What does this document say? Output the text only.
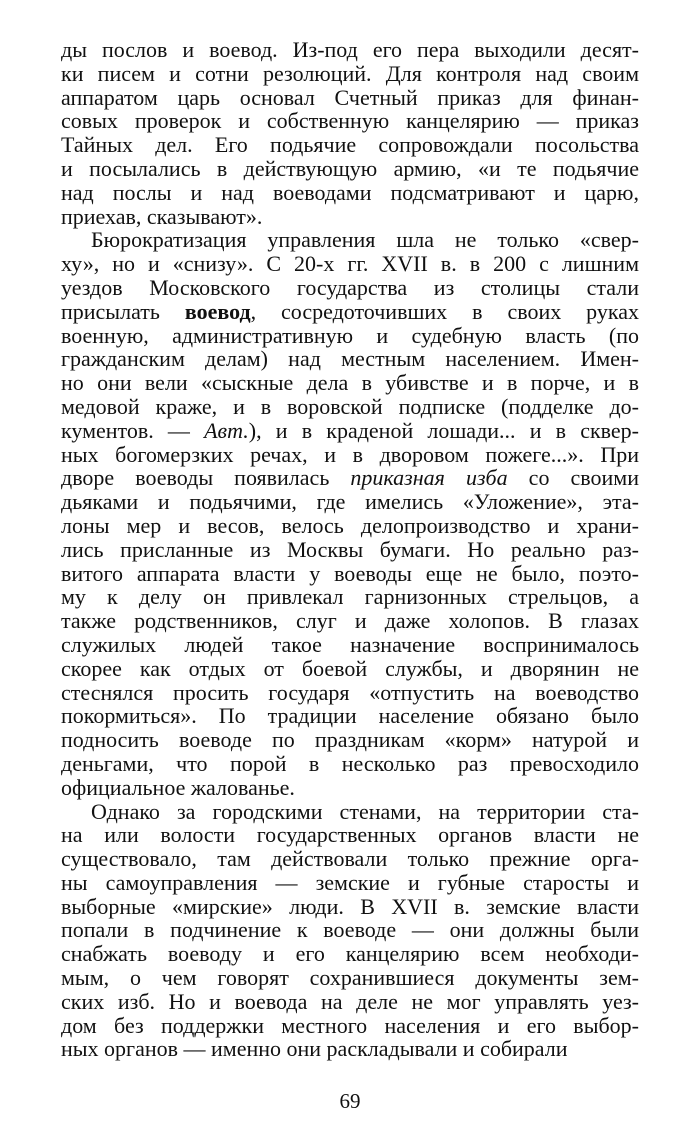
ды послов и воевод. Из-под его пера выходили десят-
ки писем и сотни резолюций. Для контроля над своим
аппаратом царь основал Счетный приказ для финан-
совых проверок и собственную канцелярию — приказ
Тайных дел. Его подьячие сопровождали посольства
и посылались в действующую армию, «и те подьячие
над послы и над воеводами подсматривают и царю,
приехав, сказывают».
Бюрократизация управления шла не только «свер-
ху», но и «снизу». С 20-х гг. XVII в. в 200 с лишним
уездов Московского государства из столицы стали
присылать воевод, сосредоточивших в своих руках
военную, административную и судебную власть (по
гражданским делам) над местным населением. Имен-
но они вели «сыскные дела в убивстве и в порче, и в
медовой краже, и в воровской подписке (подделке до-
кументов. — Авт.), и в краденой лошади... и в сквер-
ных богомерзких речах, и в дворовом пожеге...». При
дворе воеводы появилась приказная изба со своими
дьяками и подьячими, где имелись «Уложение», эта-
лоны мер и весов, велось делопроизводство и храни-
лись присланные из Москвы бумаги. Но реально раз-
витого аппарата власти у воеводы еще не было, поэто-
му к делу он привлекал гарнизонных стрельцов, а
также родственников, слуг и даже холопов. В глазах
служилых людей такое назначение воспринималось
скорее как отдых от боевой службы, и дворянин не
стеснялся просить государя «отпустить на воеводство
покормиться». По традиции население обязано было
подносить воеводе по праздникам «корм» натурой и
деньгами, что порой в несколько раз превосходило
официальное жалованье.
Однако за городскими стенами, на территории ста-
на или волости государственных органов власти не
существовало, там действовали только прежние орга-
ны самоуправления — земские и губные старосты и
выборные «мирские» люди. В XVII в. земские власти
попали в подчинение к воеводе — они должны были
снабжать воеводу и его канцелярию всем необходи-
мым, о чем говорят сохранившиеся документы зем-
ских изб. Но и воевода на деле не мог управлять уез-
дом без поддержки местного населения и его выбор-
ных органов — именно они раскладывали и собирали
69
